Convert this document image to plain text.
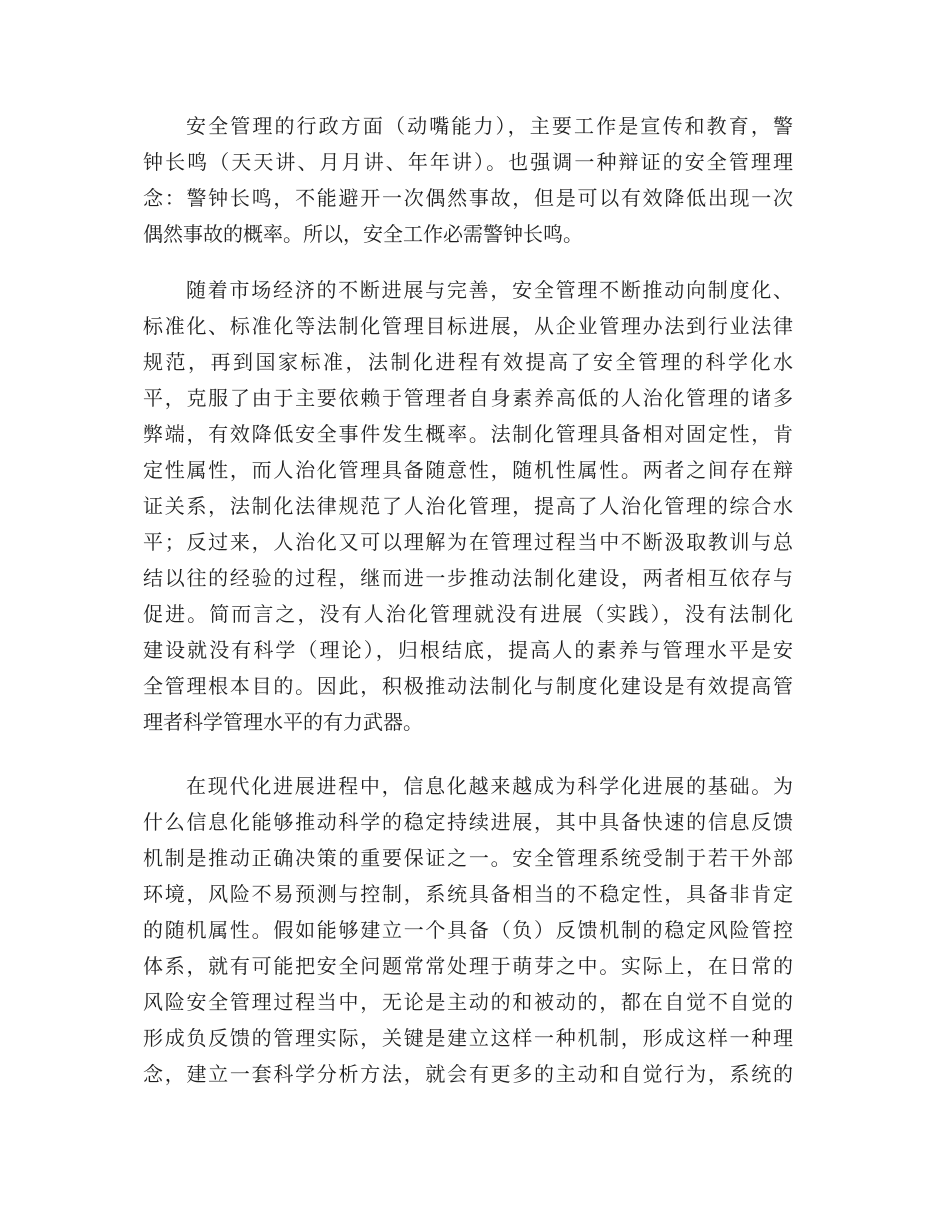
安全管理的行政方面（动嘴能力），主要工作是宣传和教育，警
钟长鸣（天天讲、月月讲、年年讲）。也强调一种辩证的安全管理理
念：警钟长鸣，不能避开一次偶然事故，但是可以有效降低出现一次
偶然事故的概率。所以，安全工作必需警钟长鸣。
随着市场经济的不断进展与完善，安全管理不断推动向制度化、
标准化、标准化等法制化管理目标进展，从企业管理办法到行业法律
规范，再到国家标准，法制化进程有效提高了安全管理的科学化水
平，克服了由于主要依赖于管理者自身素养高低的人治化管理的诸多
弊端，有效降低安全事件发生概率。法制化管理具备相对固定性，肯
定性属性，而人治化管理具备随意性，随机性属性。两者之间存在辩
证关系，法制化法律规范了人治化管理，提高了人治化管理的综合水
平；反过来，人治化又可以理解为在管理过程当中不断汲取教训与总
结以往的经验的过程，继而进一步推动法制化建设，两者相互依存与
促进。简而言之，没有人治化管理就没有进展（实践），没有法制化
建设就没有科学（理论），归根结底，提高人的素养与管理水平是安
全管理根本目的。因此，积极推动法制化与制度化建设是有效提高管
理者科学管理水平的有力武器。
在现代化进展进程中，信息化越来越成为科学化进展的基础。为
什么信息化能够推动科学的稳定持续进展，其中具备快速的信息反馈
机制是推动正确决策的重要保证之一。安全管理系统受制于若干外部
环境，风险不易预测与控制，系统具备相当的不稳定性，具备非肯定
的随机属性。假如能够建立一个具备（负）反馈机制的稳定风险管控
体系，就有可能把安全问题常常处理于萌芽之中。实际上，在日常的
风险安全管理过程当中，无论是主动的和被动的，都在自觉不自觉的
形成负反馈的管理实际，关键是建立这样一种机制，形成这样一种理
念，建立一套科学分析方法，就会有更多的主动和自觉行为，系统的
